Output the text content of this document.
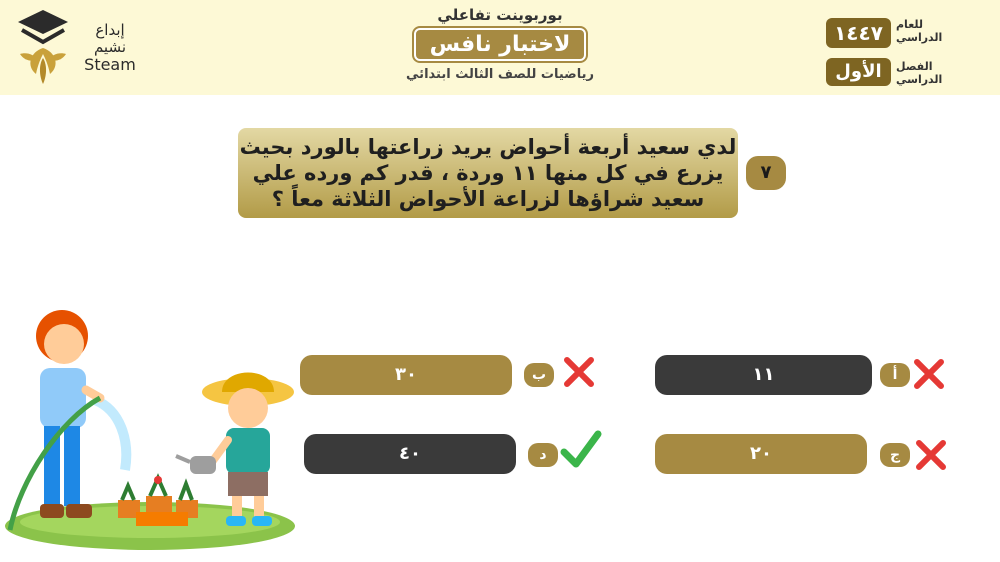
إبداع
نشيم
Steam
بوربوينت تفاعلي
لاختبار نافس
رياضيات للصف الثالث ابتدائي
١٤٤٧	للعام الدراسي
الأول	الفصل الدراسي
لدي سعيد أربعة أحواض يريد زراعتها بالورد بحيث يزرع في كل منها ١١ وردة ، قدر كم ورده علي سعيد شراؤها لزراعة الأحواض الثلاثة معاً ؟
٧
١١	أ
٣٠	ب
٢٠	ج
٤٠	د
